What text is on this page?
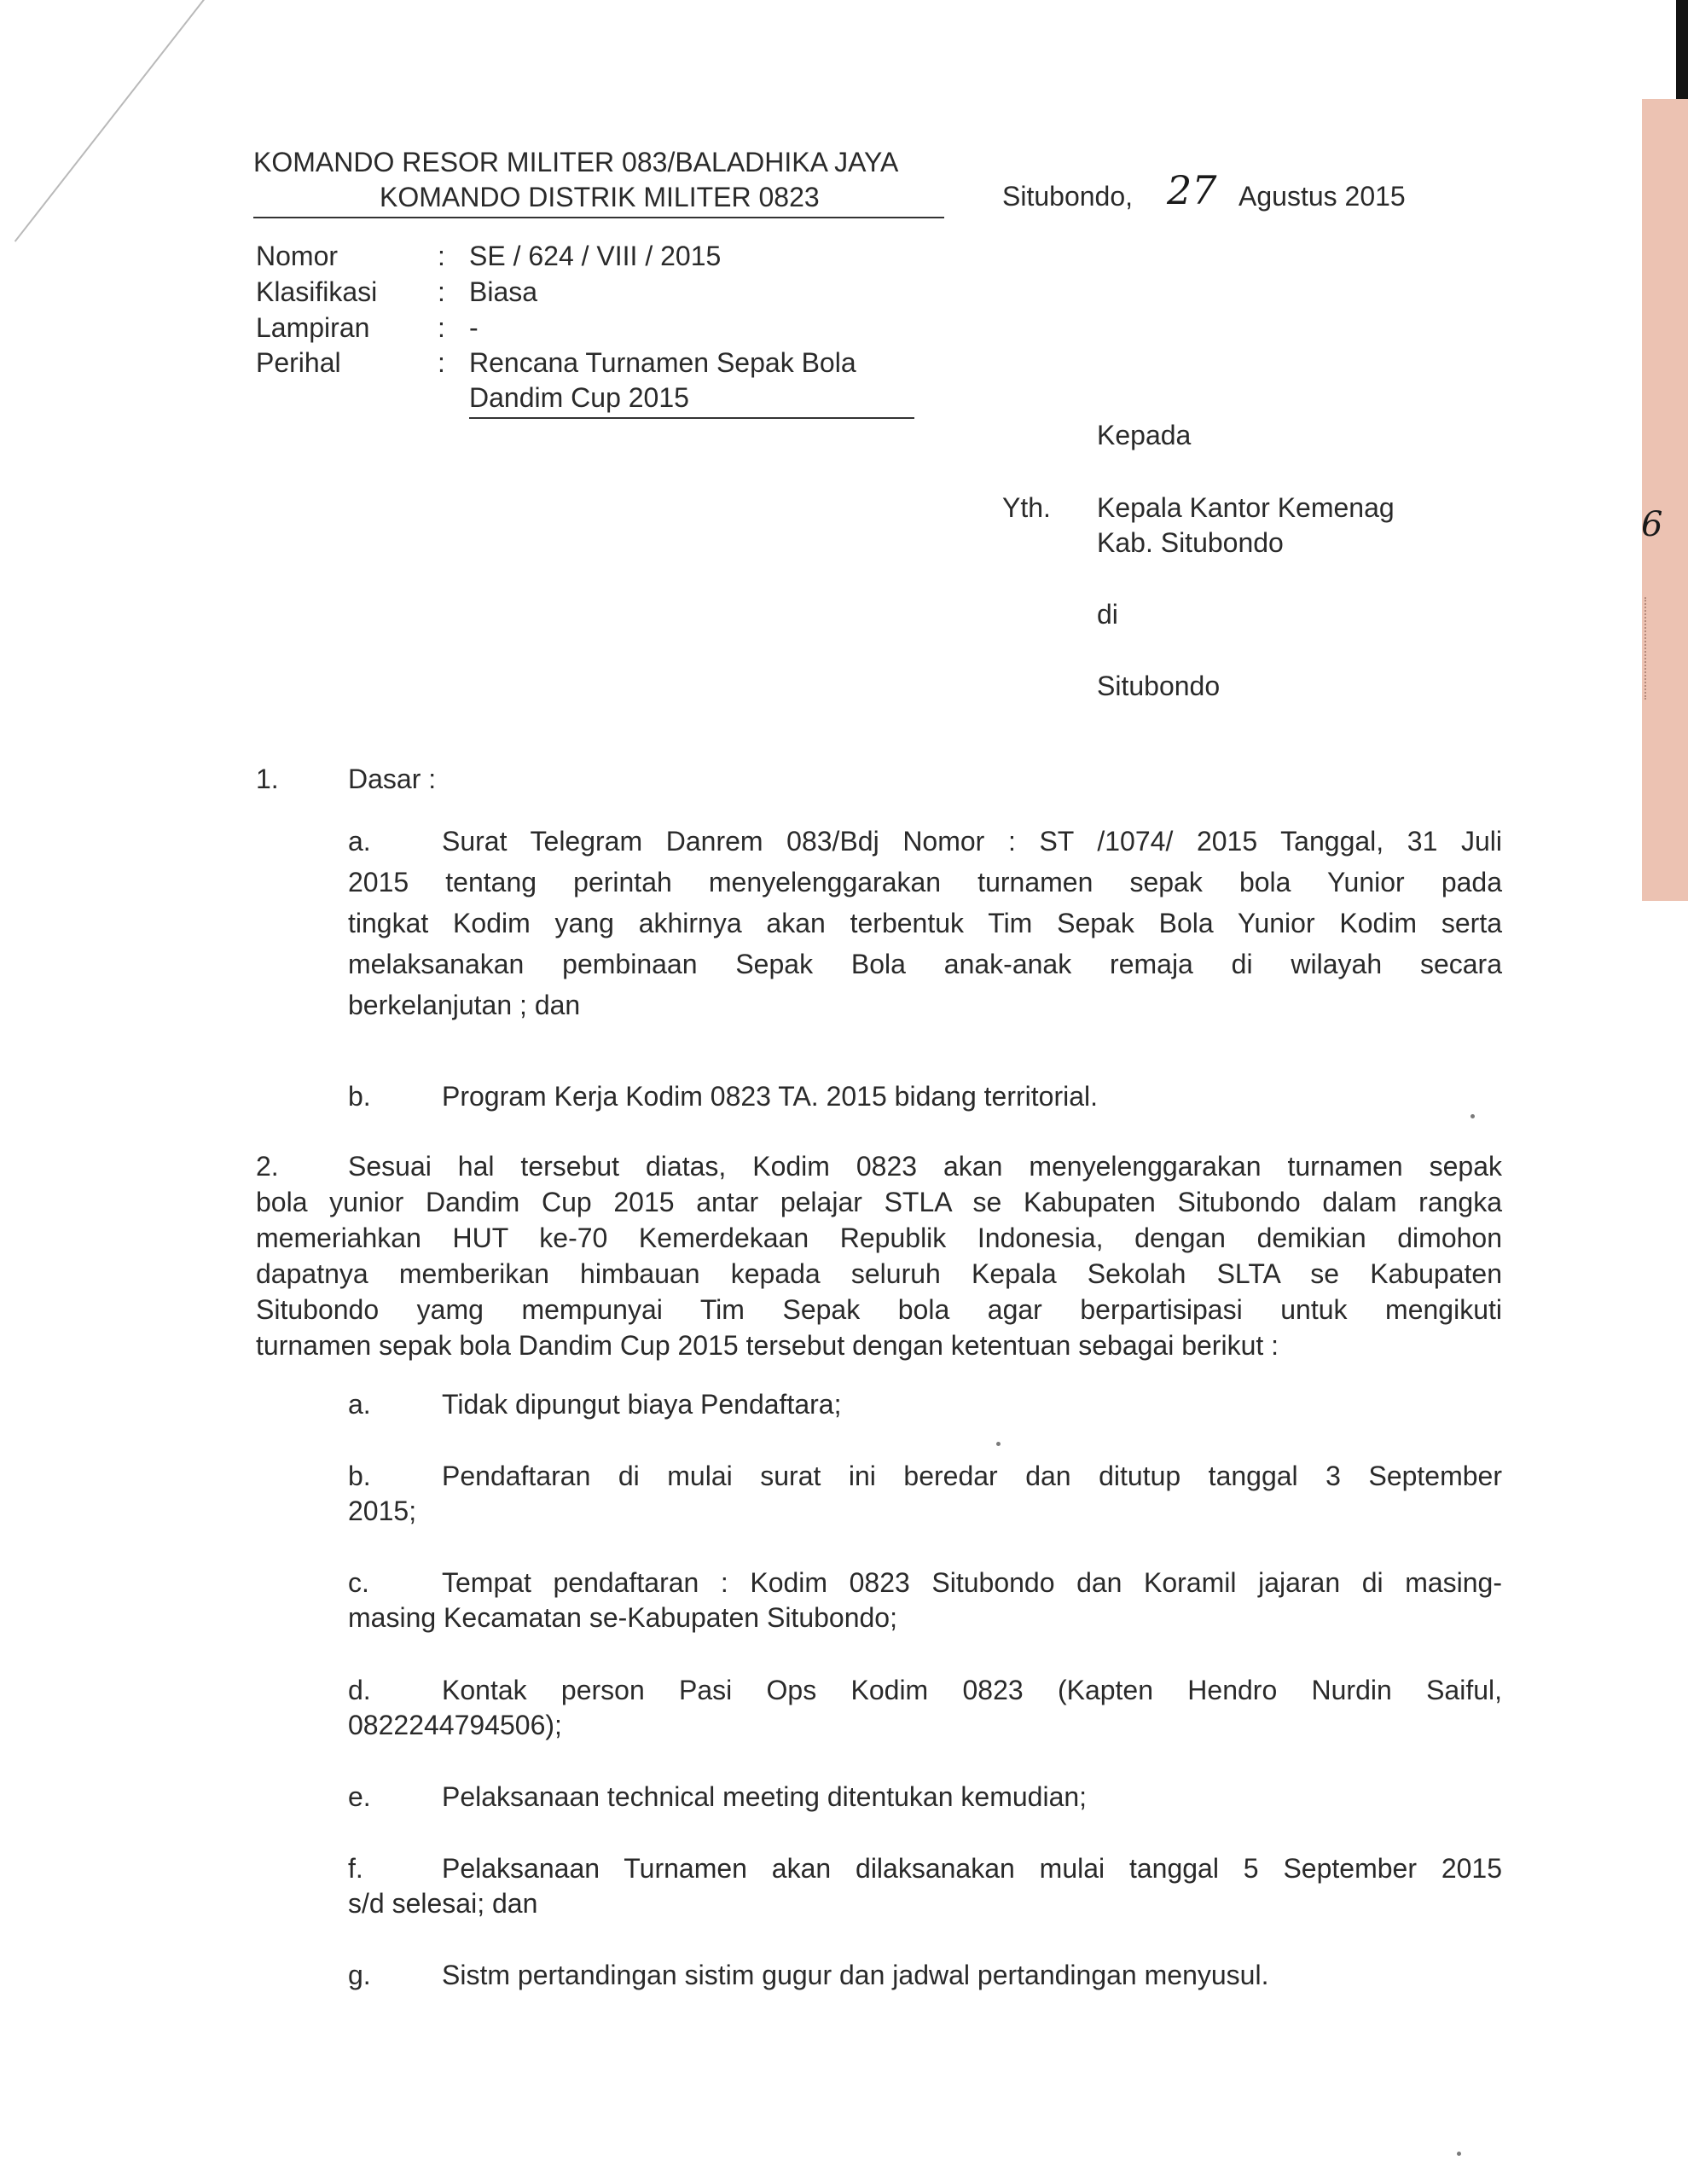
6
KOMANDO RESOR MILITER 083/BALADHIKA JAYA
KOMANDO DISTRIK MILITER 0823	Situbondo, 27 Agustus 2015
Nomor	: SE / 624 / VIII / 2015
Klasifikasi : Biasa
Lampiran : -
Perihal	: Rencana Turnamen Sepak Bola
Dandim Cup 2015
Kepada
Yth. Kepala Kantor Kemenag
Kab. Situbondo
di
Situbondo
1.	Dasar :
a.	Surat Telegram Danrem 083/Bdj Nomor : ST /1074/ 2015 Tanggal, 31 Juli
2015 tentang perintah menyelenggarakan turnamen sepak bola Yunior pada
tingkat Kodim yang akhirnya akan terbentuk Tim Sepak Bola Yunior Kodim serta
melaksanakan pembinaan Sepak Bola anak-anak remaja di wilayah secara
berkelanjutan ; dan
b.	Program Kerja Kodim 0823 TA. 2015 bidang territorial.
2.	Sesuai hal tersebut diatas, Kodim 0823 akan menyelenggarakan turnamen sepak
bola yunior Dandim Cup 2015 antar pelajar STLA se Kabupaten Situbondo dalam rangka
memeriahkan HUT ke-70 Kemerdekaan Republik Indonesia, dengan demikian dimohon
dapatnya memberikan himbauan kepada seluruh Kepala Sekolah SLTA se Kabupaten
Situbondo yamg mempunyai Tim Sepak bola agar berpartisipasi untuk mengikuti
turnamen sepak bola Dandim Cup 2015 tersebut dengan ketentuan sebagai berikut :
a.	Tidak dipungut biaya Pendaftara;
b.	Pendaftaran di mulai surat ini beredar dan ditutup tanggal 3 September
2015;
c.	Tempat pendaftaran : Kodim 0823 Situbondo dan Koramil jajaran di masing-
masing Kecamatan se-Kabupaten Situbondo;
d.	Kontak person Pasi Ops Kodim 0823 (Kapten Hendro Nurdin Saiful,
0822244794506);
e.	Pelaksanaan technical meeting ditentukan kemudian;
f.	Pelaksanaan Turnamen akan dilaksanakan mulai tanggal 5 September 2015
s/d selesai; dan
g.	Sistm pertandingan sistim gugur dan jadwal pertandingan menyusul.
